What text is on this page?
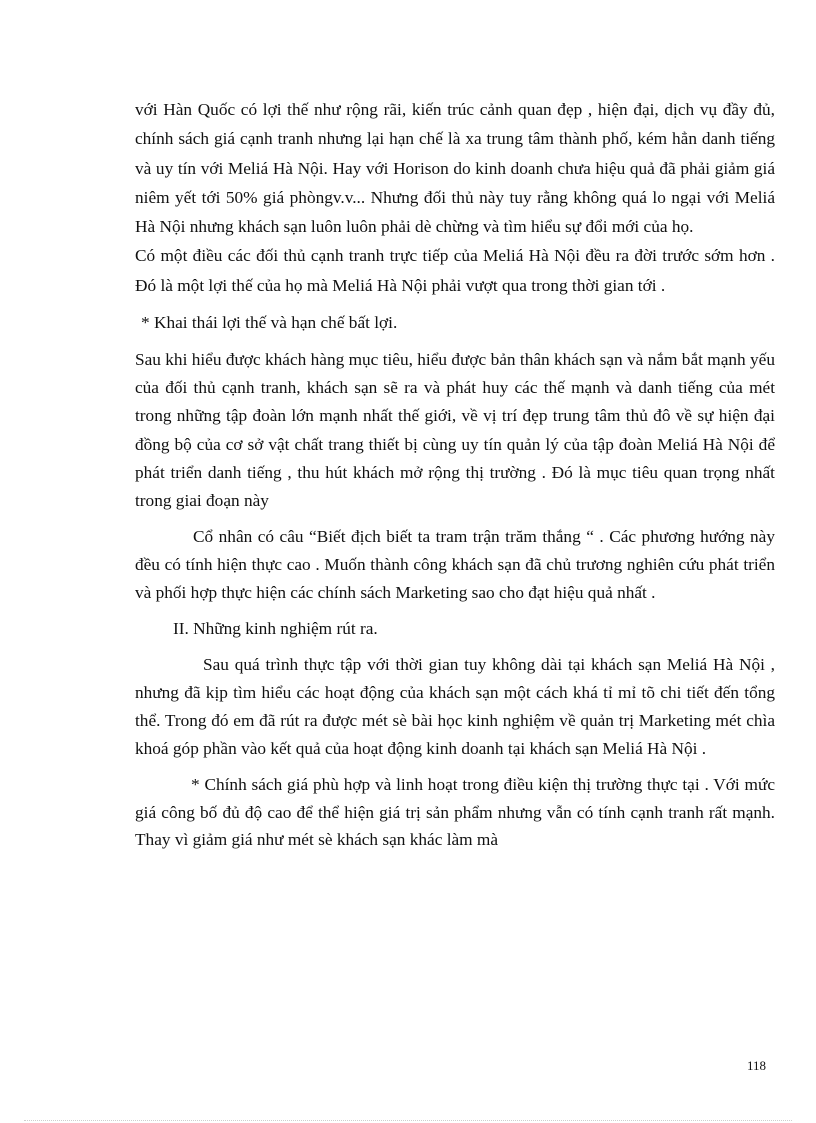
với Hàn Quốc có lợi thế như rộng rãi, kiến trúc cảnh quan đẹp , hiện đại, dịch vụ đầy đủ, chính sách giá cạnh tranh nhưng lại hạn chế là xa trung tâm thành phố, kém hẳn danh tiếng và uy tín với Meliá Hà Nội. Hay với Horison do kinh doanh chưa hiệu quả đã phải giảm giá niêm yết tới 50% giá phòngv.v... Nhưng đối thủ này tuy rằng không quá lo ngại với Meliá Hà Nội nhưng khách sạn luôn luôn phải dè chừng và tìm hiểu sự đổi mới của họ.

Có một điều các đối thủ cạnh tranh trực tiếp của Meliá Hà Nội đều ra đời trước sớm hơn . Đó là một lợi thế của họ mà Meliá Hà Nội phải vượt qua trong thời gian tới .

* Khai thái lợi thế và hạn chế bất lợi.

Sau khi hiểu được khách hàng mục tiêu, hiểu được bản thân khách sạn và nắm bắt mạnh yếu của đối thủ cạnh tranh, khách sạn sẽ ra và phát huy các thế mạnh và danh tiếng của mét trong những tập đoàn lớn mạnh nhất thế giới, về vị trí đẹp trung tâm thủ đô về sự hiện đại đồng bộ của cơ sở vật chất trang thiết bị cùng uy tín quản lý của tập đoàn Meliá Hà Nội để phát triển danh tiếng , thu hút khách mở rộng thị trường . Đó là mục tiêu quan trọng nhất trong giai đoạn này

Cổ nhân có câu “Biết địch biết ta tram trận trăm thắng “ . Các phương hướng này đều có tính hiện thực cao . Muốn thành công khách sạn đã chủ trương nghiên cứu phát triển và phối hợp thực hiện các chính sách Marketing sao cho đạt hiệu quả nhất .

II. Những kinh nghiệm rút ra.

Sau quá trình thực tập với thời gian tuy không dài tại khách sạn Meliá Hà Nội , nhưng đã kịp tìm hiểu các hoạt động của khách sạn một cách khá tỉ mỉ tõ chi tiết đến tổng thể. Trong đó em đã rút ra được mét sè bài học kinh nghiệm về quản trị Marketing mét chìa khoá góp phần vào kết quả của hoạt động kinh doanh tại khách sạn Meliá Hà Nội .

* Chính sách giá phù hợp và linh hoạt trong điều kiện thị trường thực tại . Với mức giá công bố đủ độ cao để thể hiện giá trị sản phẩm nhưng vẫn có tính cạnh tranh rất mạnh. Thay vì giảm giá như mét sè khách sạn khác làm mà

118
